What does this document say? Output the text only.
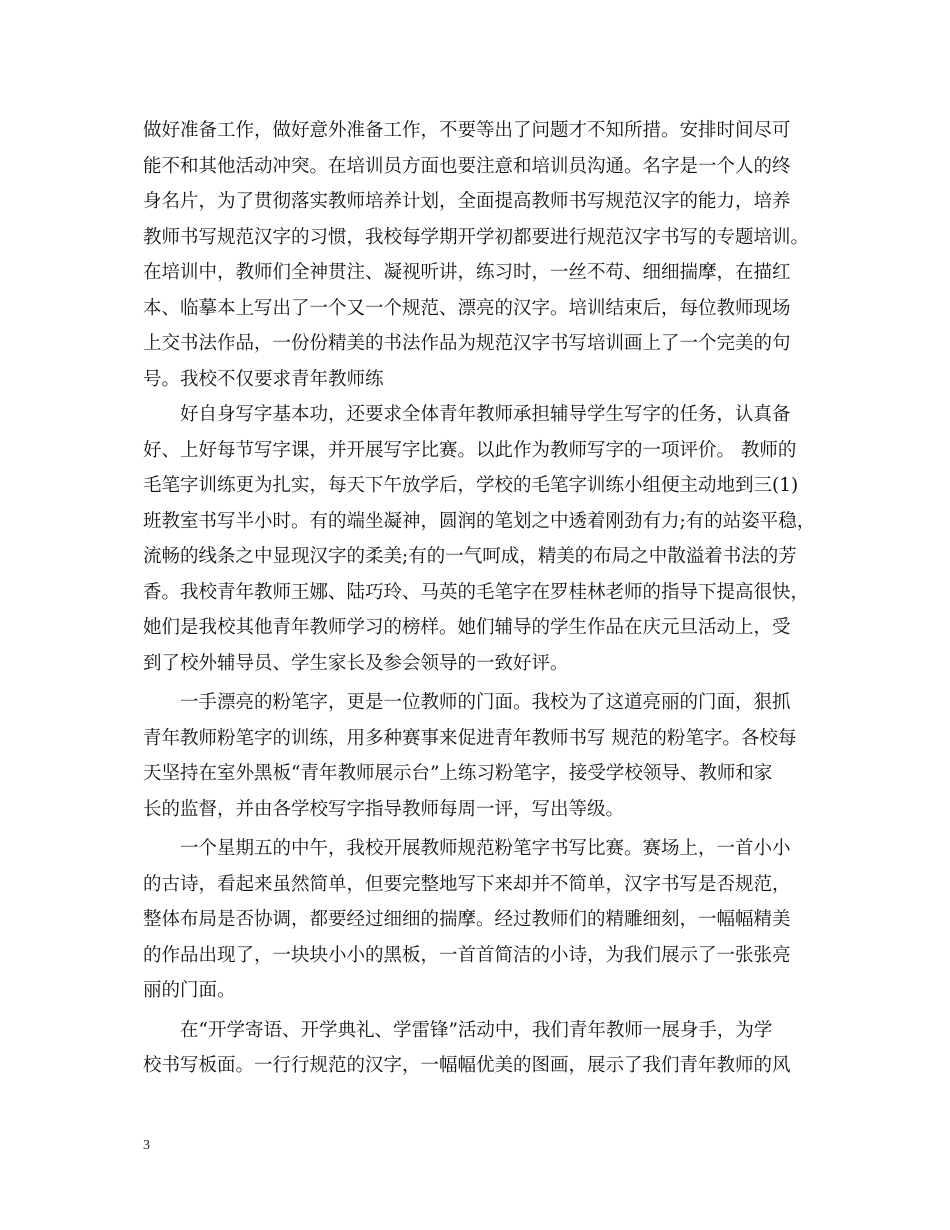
做好准备工作，做好意外准备工作，不要等出了问题才不知所措。安排时间尽可
能不和其他活动冲突。在培训员方面也要注意和培训员沟通。名字是一个人的终
身名片，为了贯彻落实教师培养计划，全面提高教师书写规范汉字的能力，培养
教师书写规范汉字的习惯，我校每学期开学初都要进行规范汉字书写的专题培训。
在培训中，教师们全神贯注、凝视听讲，练习时，一丝不苟、细细揣摩，在描红
本、临摹本上写出了一个又一个规范、漂亮的汉字。培训结束后，每位教师现场
上交书法作品，一份份精美的书法作品为规范汉字书写培训画上了一个完美的句
号。我校不仅要求青年教师练
　　好自身写字基本功，还要求全体青年教师承担辅导学生写字的任务，认真备
好、上好每节写字课，并开展写字比赛。以此作为教师写字的一项评价。 教师的
毛笔字训练更为扎实，每天下午放学后，学校的毛笔字训练小组便主动地到三(1)
班教室书写半小时。有的端坐凝神，圆润的笔划之中透着刚劲有力;有的站姿平稳，
流畅的线条之中显现汉字的柔美;有的一气呵成，精美的布局之中散溢着书法的芳
香。我校青年教师王娜、陆巧玲、马英的毛笔字在罗桂林老师的指导下提高很快，
她们是我校其他青年教师学习的榜样。她们辅导的学生作品在庆元旦活动上，受
到了校外辅导员、学生家长及参会领导的一致好评。
　　一手漂亮的粉笔字，更是一位教师的门面。我校为了这道亮丽的门面，狠抓
青年教师粉笔字的训练，用多种赛事来促进青年教师书写 规范的粉笔字。各校每
天坚持在室外黑板“青年教师展示台”上练习粉笔字，接受学校领导、教师和家
长的监督，并由各学校写字指导教师每周一评，写出等级。
　　一个星期五的中午，我校开展教师规范粉笔字书写比赛。赛场上，一首小小
的古诗，看起来虽然简单，但要完整地写下来却并不简单，汉字书写是否规范，
整体布局是否协调，都要经过细细的揣摩。经过教师们的精雕细刻，一幅幅精美
的作品出现了，一块块小小的黑板，一首首简洁的小诗，为我们展示了一张张亮
丽的门面。
　　在“开学寄语、开学典礼、学雷锋”活动中，我们青年教师一展身手，为学
校书写板面。一行行规范的汉字，一幅幅优美的图画，展示了我们青年教师的风
3
